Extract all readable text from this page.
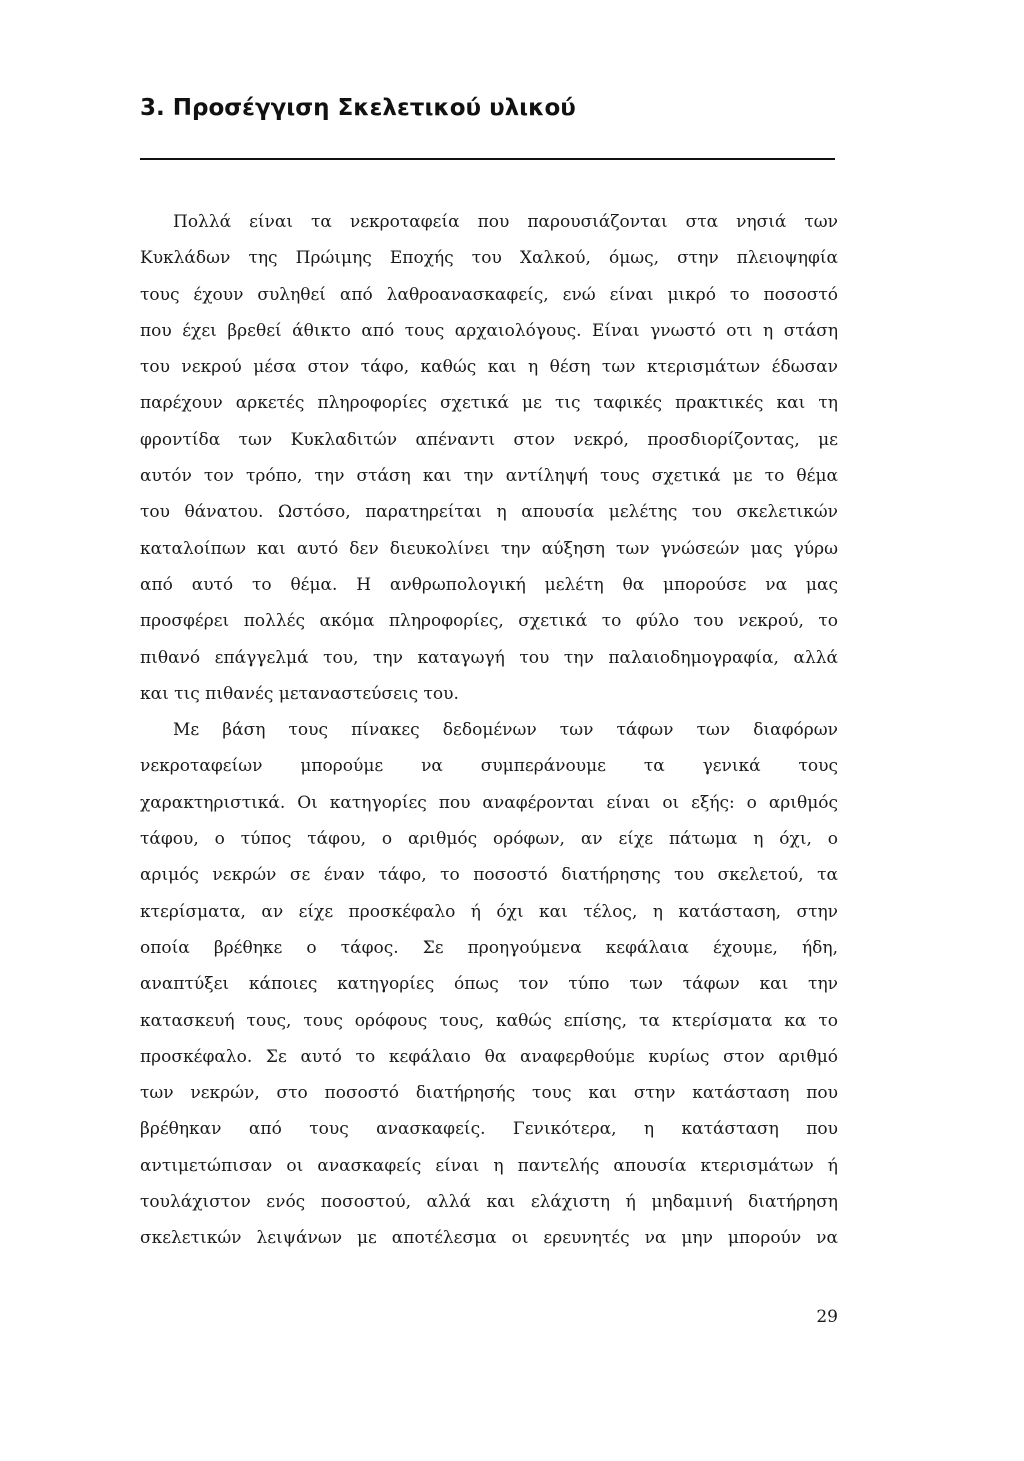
3. Προσέγγιση Σκελετικού υλικού
Πολλά είναι τα νεκροταφεία που παρουσιάζονται στα νησιά των
Κυκλάδων της Πρώιμης Εποχής του Χαλκού, όμως, στην πλειοψηφία
τους έχουν συληθεί από λαθροανασκαφείς, ενώ είναι μικρό το ποσοστό
που έχει βρεθεί άθικτο από τους αρχαιολόγους. Είναι γνωστό οτι η στάση
του νεκρού μέσα στον τάφο, καθώς και η θέση των κτερισμάτων έδωσαν
παρέχουν αρκετές πληροφορίες σχετικά με τις ταφικές πρακτικές και τη
φροντίδα των Κυκλαδιτών απέναντι στον νεκρό, προσδιορίζοντας, με
αυτόν τον τρόπο, την στάση και την αντίληψή τους σχετικά με το θέμα
του θάνατου. Ωστόσο, παρατηρείται η απουσία μελέτης του σκελετικών
καταλοίπων και αυτό δεν διευκολίνει την αύξηση των γνώσεών μας γύρω
από αυτό το θέμα. Η ανθρωπολογική μελέτη θα μπορούσε να μας
προσφέρει πολλές ακόμα πληροφορίες, σχετικά το φύλο του νεκρού, το
πιθανό επάγγελμά του, την καταγωγή του την παλαιοδημογραφία, αλλά
και τις πιθανές μεταναστεύσεις του.
Με βάση τους πίνακες δεδομένων των τάφων των διαφόρων
νεκροταφείων μπορούμε να συμπεράνουμε τα γενικά τους
χαρακτηριστικά. Οι κατηγορίες που αναφέρονται είναι οι εξής: ο αριθμός
τάφου, ο τύπος τάφου, ο αριθμός ορόφων, αν είχε πάτωμα η όχι, ο
αριμός νεκρών σε έναν τάφο, το ποσοστό διατήρησης του σκελετού, τα
κτερίσματα, αν είχε προσκέφαλο ή όχι και τέλος, η κατάσταση, στην
οποία βρέθηκε ο τάφος. Σε προηγούμενα κεφάλαια έχουμε, ήδη,
αναπτύξει κάποιες κατηγορίες όπως τον τύπο των τάφων και την
κατασκευή τους, τους ορόφους τους, καθώς επίσης, τα κτερίσματα κα το
προσκέφαλο. Σε αυτό το κεφάλαιο θα αναφερθούμε κυρίως στον αριθμό
των νεκρών, στο ποσοστό διατήρησής τους και στην κατάσταση που
βρέθηκαν από τους ανασκαφείς. Γενικότερα, η κατάσταση που
αντιμετώπισαν οι ανασκαφείς είναι η παντελής απουσία κτερισμάτων ή
τουλάχιστον ενός ποσοστού, αλλά και ελάχιστη ή μηδαμινή διατήρηση
σκελετικών λειψάνων με αποτέλεσμα οι ερευνητές να μην μπορούν να
29
